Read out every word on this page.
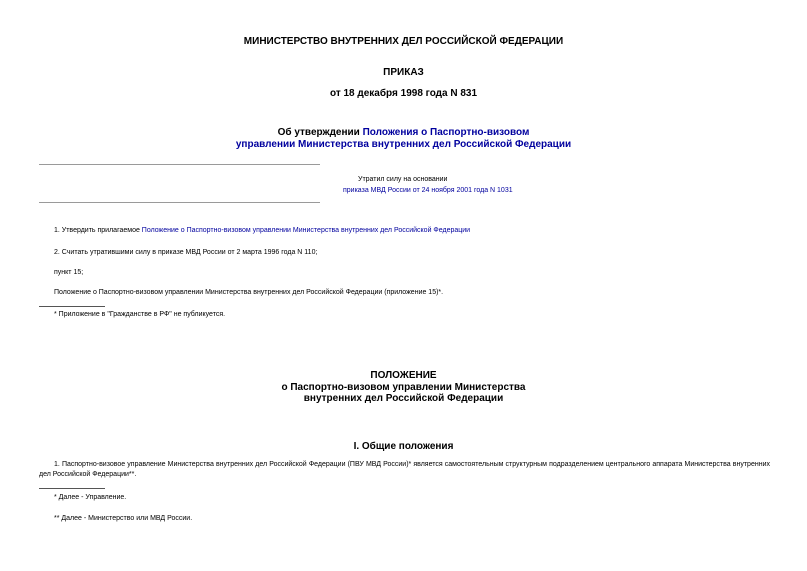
МИНИСТЕРСТВО ВНУТРЕННИХ ДЕЛ РОССИЙСКОЙ ФЕДЕРАЦИИ
ПРИКАЗ
от 18 декабря 1998 года N 831
Об утверждении Положения о Паспортно-визовом
управлении Министерства внутренних дел Российской Федерации
Утратил силу на основании
приказа МВД России от 24 ноября 2001 года N 1031
1. Утвердить прилагаемое Положение о Паспортно-визовом управлении Министерства внутренних дел Российской Федерации
2. Считать утратившими силу в приказе МВД России от 2 марта 1996 года N 110;
пункт 15;
Положение о Паспортно-визовом управлении Министерства внутренних дел Российской Федерации (приложение 15)*.
* Приложение в "Гражданстве в РФ" не публикуется.
ПОЛОЖЕНИЕ
о Паспортно-визовом управлении Министерства
внутренних дел Российской Федерации
I. Общие положения
1. Паспортно-визовое управление Министерства внутренних дел Российской Федерации (ПВУ МВД России)* является самостоятельным структурным подразделением центрального аппарата Министерства внутренних дел Российской Федерации**.
* Далее - Управление.
** Далее - Министерство или МВД России.
